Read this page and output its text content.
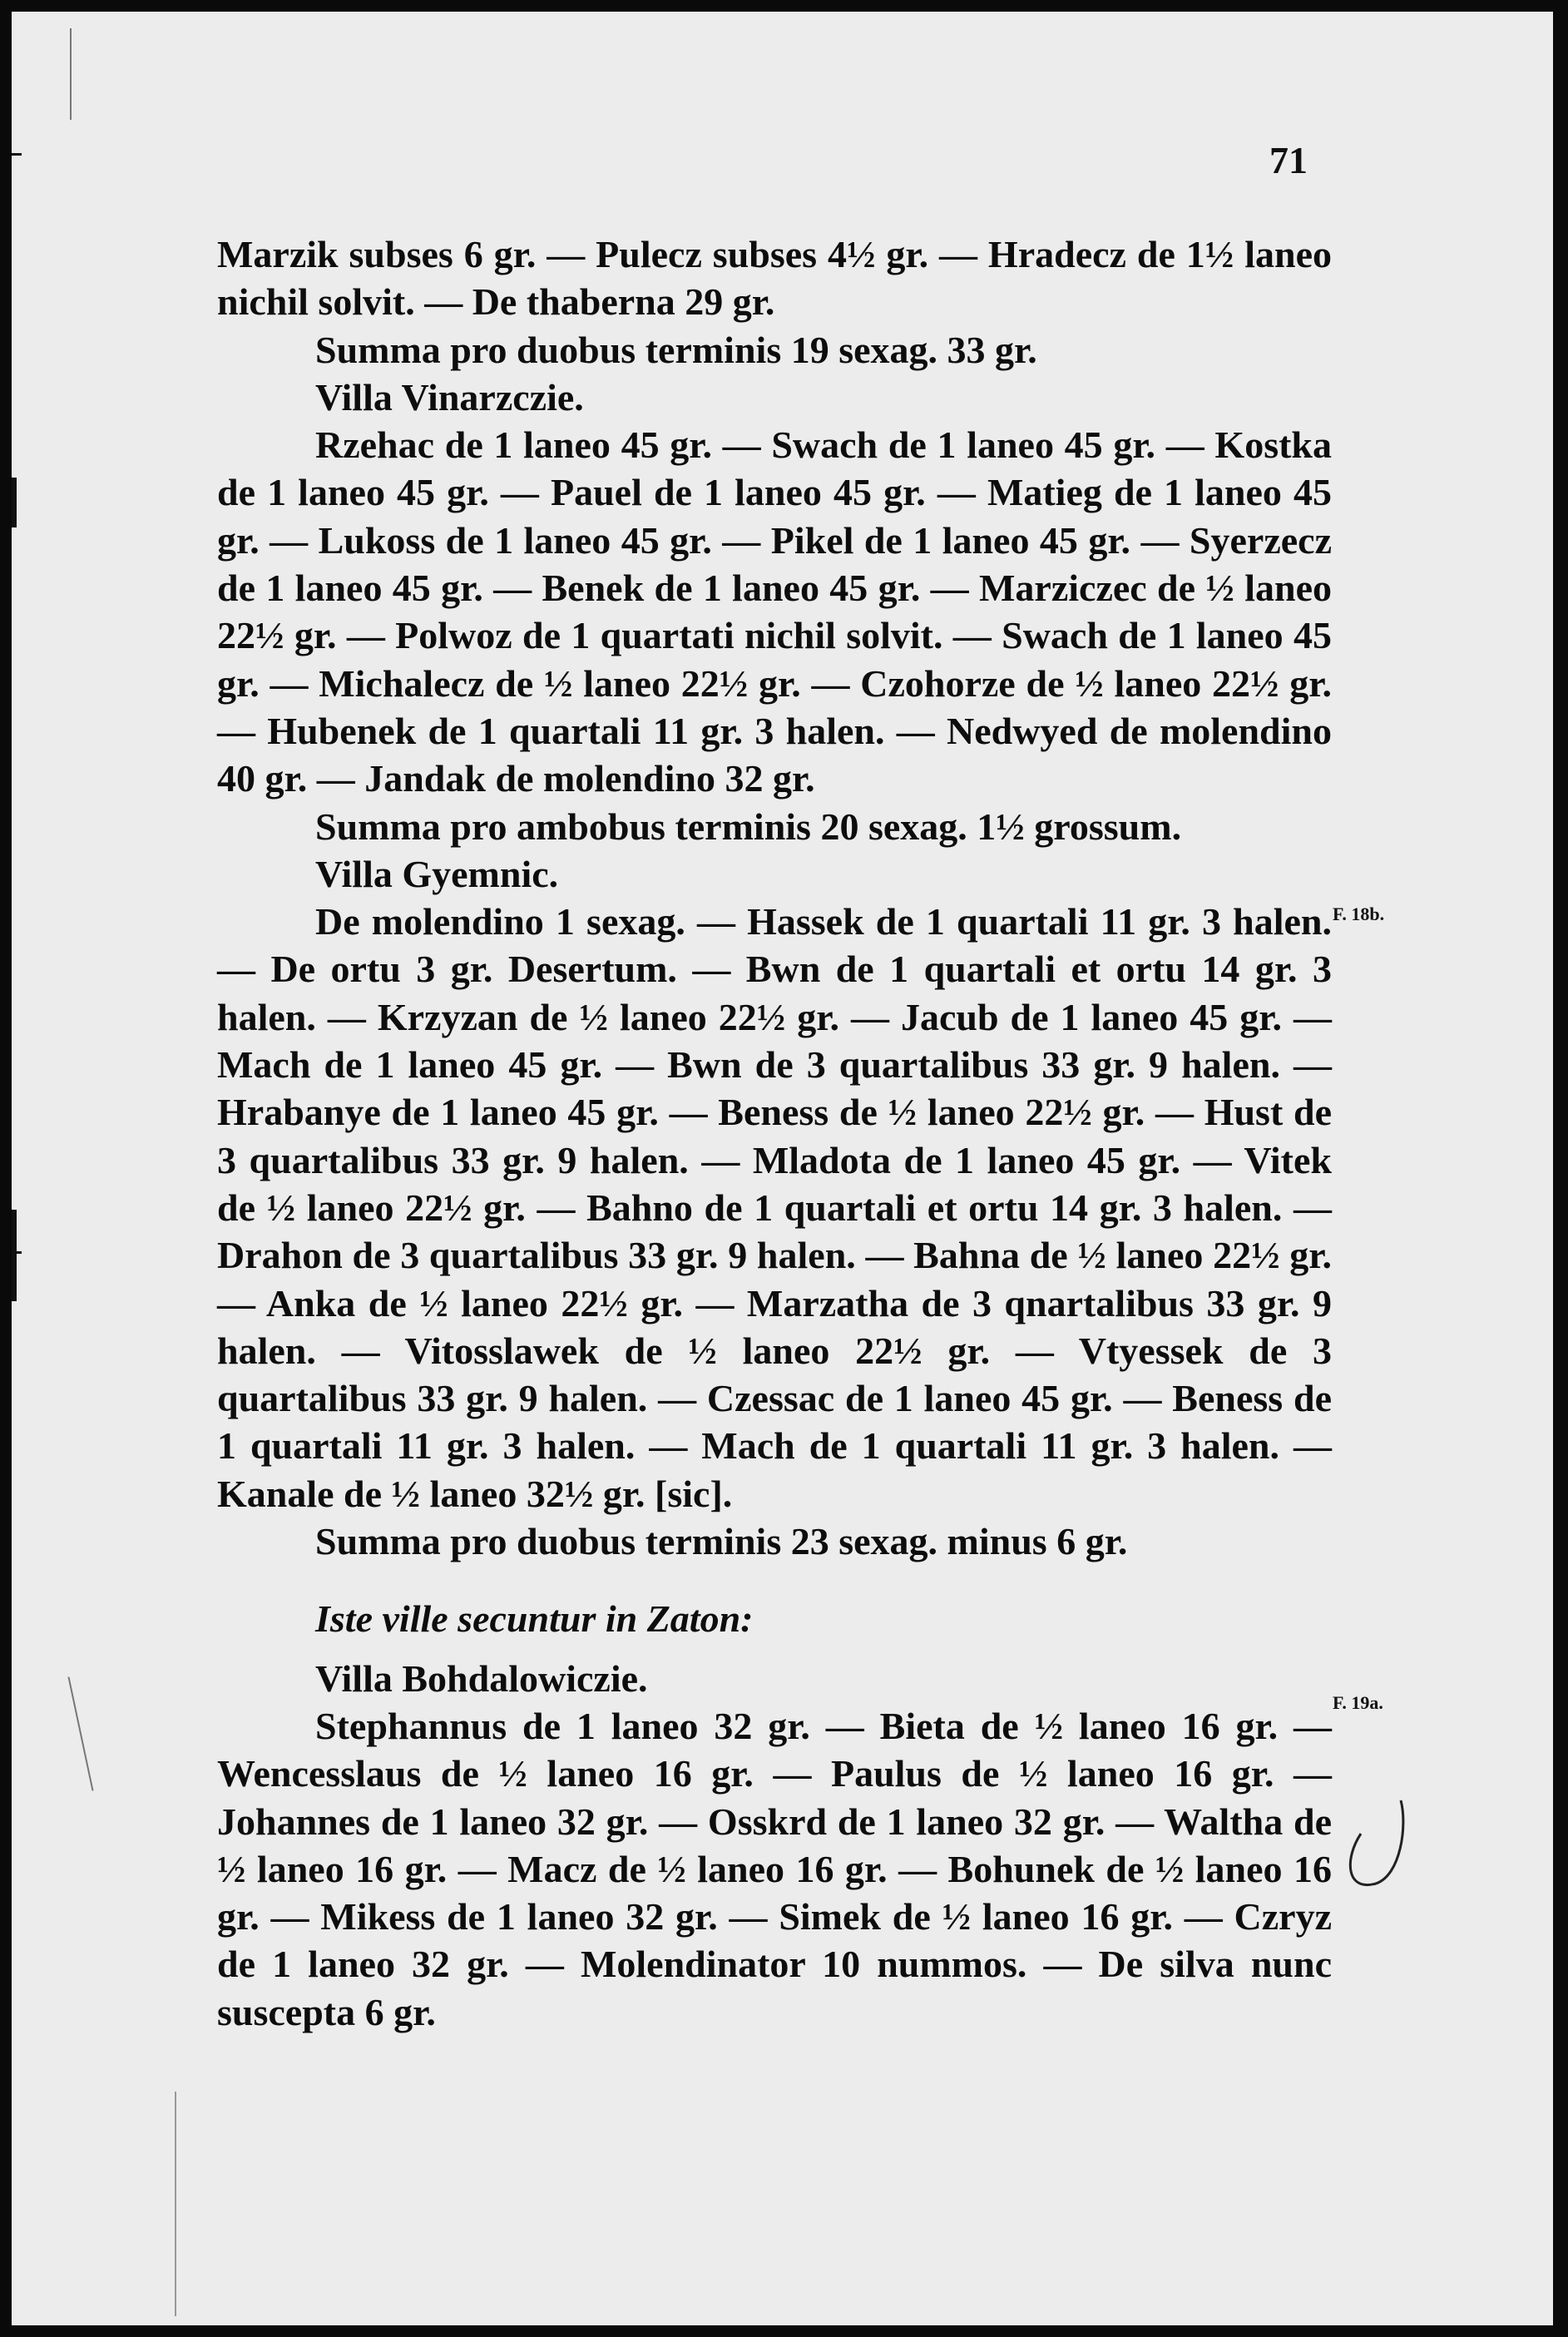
71
F. 18b.
F. 19a.

Marzik subses 6 gr. — Pulecz subses 4½ gr. — Hradecz de 1½ laneo nichil solvit. — De thaberna 29 gr.

Summa pro duobus terminis 19 sexag. 33 gr.

Villa Vinarzczie.

Rzehac de 1 laneo 45 gr. — Swach de 1 laneo 45 gr. — Kostka de 1 laneo 45 gr. — Pauel de 1 laneo 45 gr. — Matieg de 1 laneo 45 gr. — Lukoss de 1 laneo 45 gr. — Pikel de 1 laneo 45 gr. — Syerzecz de 1 laneo 45 gr. — Benek de 1 laneo 45 gr. — Marziczec de ½ laneo 22½ gr. — Polwoz de 1 quartati nichil solvit. — Swach de 1 laneo 45 gr. — Michalecz de ½ laneo 22½ gr. — Czohorze de ½ laneo 22½ gr. — Hubenek de 1 quartali 11 gr. 3 halen. — Nedwyed de molendino 40 gr. — Jandak de molendino 32 gr.

Summa pro ambobus terminis 20 sexag. 1½ grossum.

Villa Gyemnic.

De molendino 1 sexag. — Hassek de 1 quartali 11 gr. 3 halen. — De ortu 3 gr. Desertum. — Bwn de 1 quartali et ortu 14 gr. 3 halen. — Krzyzan de ½ laneo 22½ gr. — Jacub de 1 laneo 45 gr. — Mach de 1 laneo 45 gr. — Bwn de 3 quartalibus 33 gr. 9 halen. — Hrabanye de 1 laneo 45 gr. — Beness de ½ laneo 22½ gr. — Hust de 3 quartalibus 33 gr. 9 halen. — Mladota de 1 laneo 45 gr. — Vitek de ½ laneo 22½ gr. — Bahno de 1 quartali et ortu 14 gr. 3 halen. — Drahon de 3 quartalibus 33 gr. 9 halen. — Bahna de ½ laneo 22½ gr. — Anka de ½ laneo 22½ gr. — Marzatha de 3 qnartalibus 33 gr. 9 halen. — Vitosslawek de ½ laneo 22½ gr. — Vtyessek de 3 quartalibus 33 gr. 9 halen. — Czessac de 1 laneo 45 gr. — Beness de 1 quartali 11 gr. 3 halen. — Mach de 1 quartali 11 gr. 3 halen. — Kanale de ½ laneo 32½ gr. [sic].

Summa pro duobus terminis 23 sexag. minus 6 gr.

Iste ville secuntur in Zaton:

Villa Bohdalowiczie.

Stephannus de 1 laneo 32 gr. — Bieta de ½ laneo 16 gr. — Wencesslaus de ½ laneo 16 gr. — Paulus de ½ laneo 16 gr. — Johannes de 1 laneo 32 gr. — Osskrd de 1 laneo 32 gr. — Waltha de ½ laneo 16 gr. — Macz de ½ laneo 16 gr. — Bohunek de ½ laneo 16 gr. — Mikess de 1 laneo 32 gr. — Simek de ½ laneo 16 gr. — Czryz de 1 laneo 32 gr. — Molendinator 10 nummos. — De silva nunc suscepta 6 gr.
